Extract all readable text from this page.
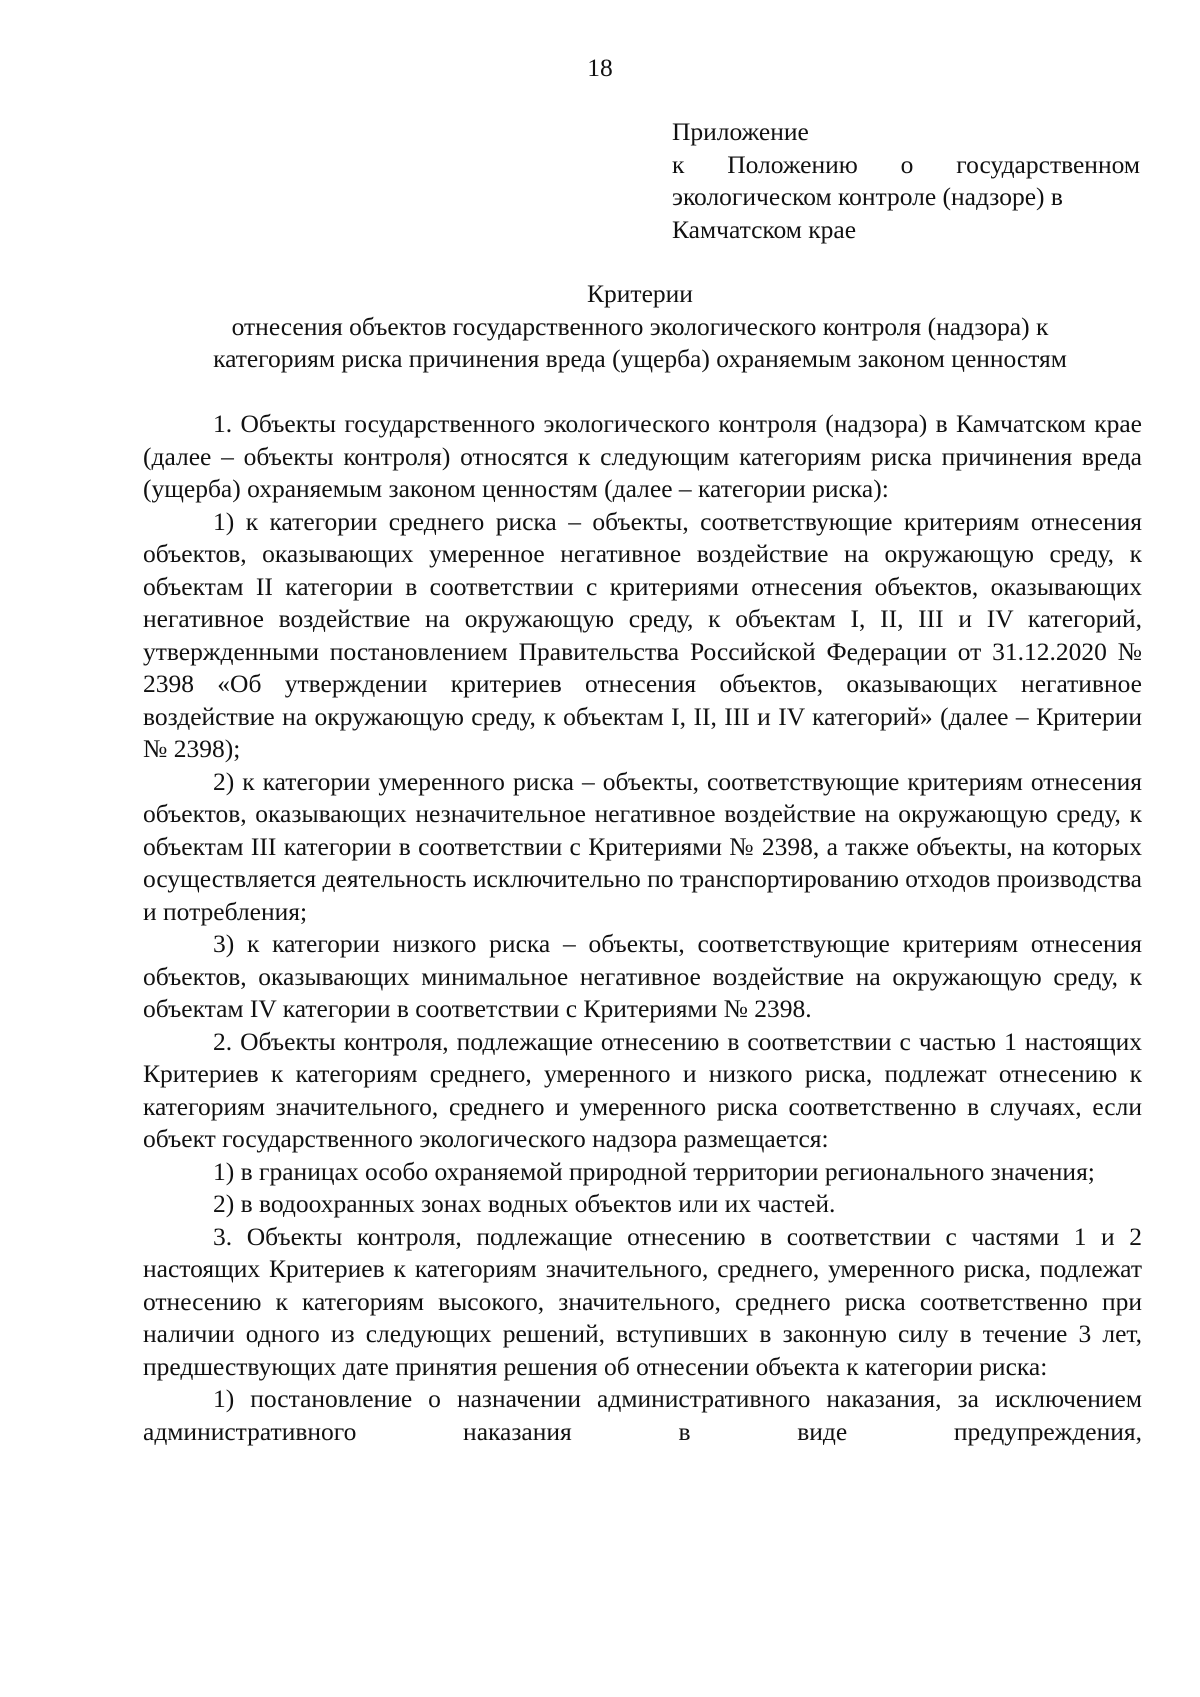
18
Приложение
к Положению о государственном экологическом контроле (надзоре) в
Камчатском крае
Критерии
отнесения объектов государственного экологического контроля (надзора) к
категориям риска причинения вреда (ущерба) охраняемым законом ценностям

1. Объекты государственного экологического контроля (надзора) в Камчатском крае (далее – объекты контроля) относятся к следующим категориям риска причинения вреда (ущерба) охраняемым законом ценностям (далее – категории риска):

1) к категории среднего риска – объекты, соответствующие критериям отнесения объектов, оказывающих умеренное негативное воздействие на окружающую среду, к объектам II категории в соответствии с критериями отнесения объектов, оказывающих негативное воздействие на окружающую среду, к объектам I, II, III и IV категорий, утвержденными постановлением Правительства Российской Федерации от 31.12.2020 № 2398 «Об утверждении критериев отнесения объектов, оказывающих негативное воздействие на окружающую среду, к объектам I, II, III и IV категорий» (далее – Критерии № 2398);

2) к категории умеренного риска – объекты, соответствующие критериям отнесения объектов, оказывающих незначительное негативное воздействие на окружающую среду, к объектам III категории в соответствии с Критериями № 2398, а также объекты, на которых осуществляется деятельность исключительно по транспортированию отходов производства и потребления;

3) к категории низкого риска – объекты, соответствующие критериям отнесения объектов, оказывающих минимальное негативное воздействие на окружающую среду, к объектам IV категории в соответствии с Критериями № 2398.

2. Объекты контроля, подлежащие отнесению в соответствии с частью 1 настоящих Критериев к категориям среднего, умеренного и низкого риска, подлежат отнесению к категориям значительного, среднего и умеренного риска соответственно в случаях, если объект государственного экологического надзора размещается:

1) в границах особо охраняемой природной территории регионального значения;

2) в водоохранных зонах водных объектов или их частей.

3. Объекты контроля, подлежащие отнесению в соответствии с частями 1 и 2 настоящих Критериев к категориям значительного, среднего, умеренного риска, подлежат отнесению к категориям высокого, значительного, среднего риска соответственно при наличии одного из следующих решений, вступивших в законную силу в течение 3 лет, предшествующих дате принятия решения об отнесении объекта к категории риска:

1) постановление о назначении административного наказания, за исключением административного наказания в виде предупреждения,
